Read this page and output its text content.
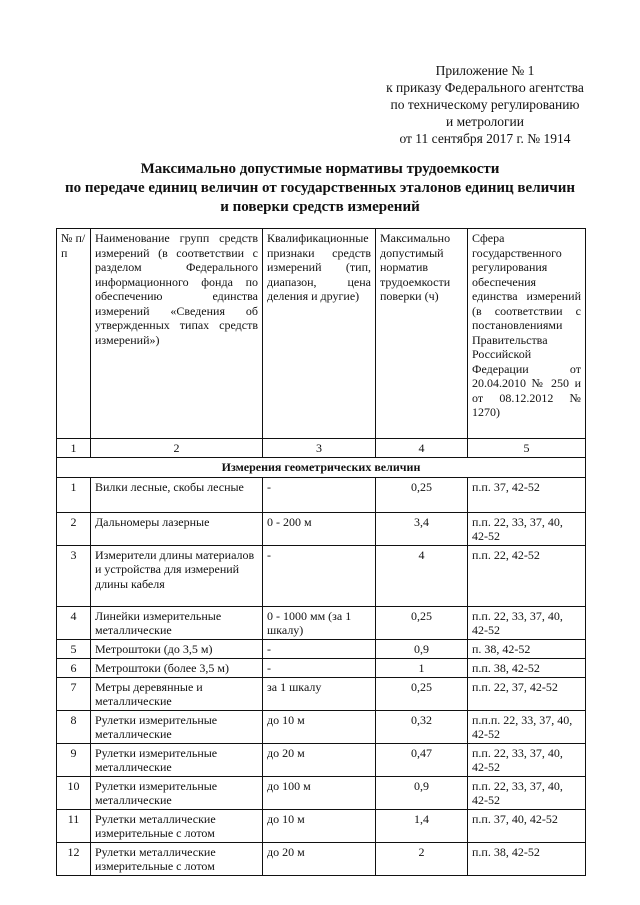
Приложение № 1
к приказу Федерального агентства
по техническому регулированию
и метрологии
от 11 сентября 2017 г. № 1914
Максимально допустимые нормативы трудоемкости
по передаче единиц величин от государственных эталонов единиц величин
и поверки средств измерений
№ п/п	Наименование групп средств измерений (в соответствии с разделом Федерального информационного фонда по обеспечению единства измерений «Сведения об утвержденных типах средств измерений»)	Квалификационные признаки средств измерений (тип, диапазон, цена деления и другие)	Максимально допустимый норматив трудоемкости поверки (ч)	Сфера государственного регулирования обеспечения единства измерений (в соответствии с постановлениями Правительства Российской Федерации от 20.04.2010 № 250 и от 08.12.2012 № 1270)
1	2	3	4	5
Измерения геометрических величин				
1	Вилки лесные, скобы лесные	-	0,25	п.п. 37, 42-52
2	Дальномеры лазерные	0 - 200 м	3,4	п.п. 22, 33, 37, 40, 42-52
3	Измерители длины материалов и устройства для измерений длины кабеля	-	4	п.п. 22, 42-52
4	Линейки измерительные металлические	0 - 1000 мм (за 1 шкалу)	0,25	п.п. 22, 33, 37, 40, 42-52
5	Метроштоки (до 3,5 м)	-	0,9	п. 38, 42-52
6	Метроштоки (более 3,5 м)	-	1	п.п. 38, 42-52
7	Метры деревянные и металлические	за 1 шкалу	0,25	п.п. 22, 37, 42-52
8	Рулетки измерительные металлические	до 10 м	0,32	п.п.п. 22, 33, 37, 40, 42-52
9	Рулетки измерительные металлические	до 20 м	0,47	п.п. 22, 33, 37, 40, 42-52
10	Рулетки измерительные металлические	до 100 м	0,9	п.п. 22, 33, 37, 40, 42-52
11	Рулетки металлические измерительные с лотом	до 10 м	1,4	п.п. 37, 40, 42-52
12	Рулетки металлические измерительные с лотом	до 20 м	2	п.п. 38, 42-52
